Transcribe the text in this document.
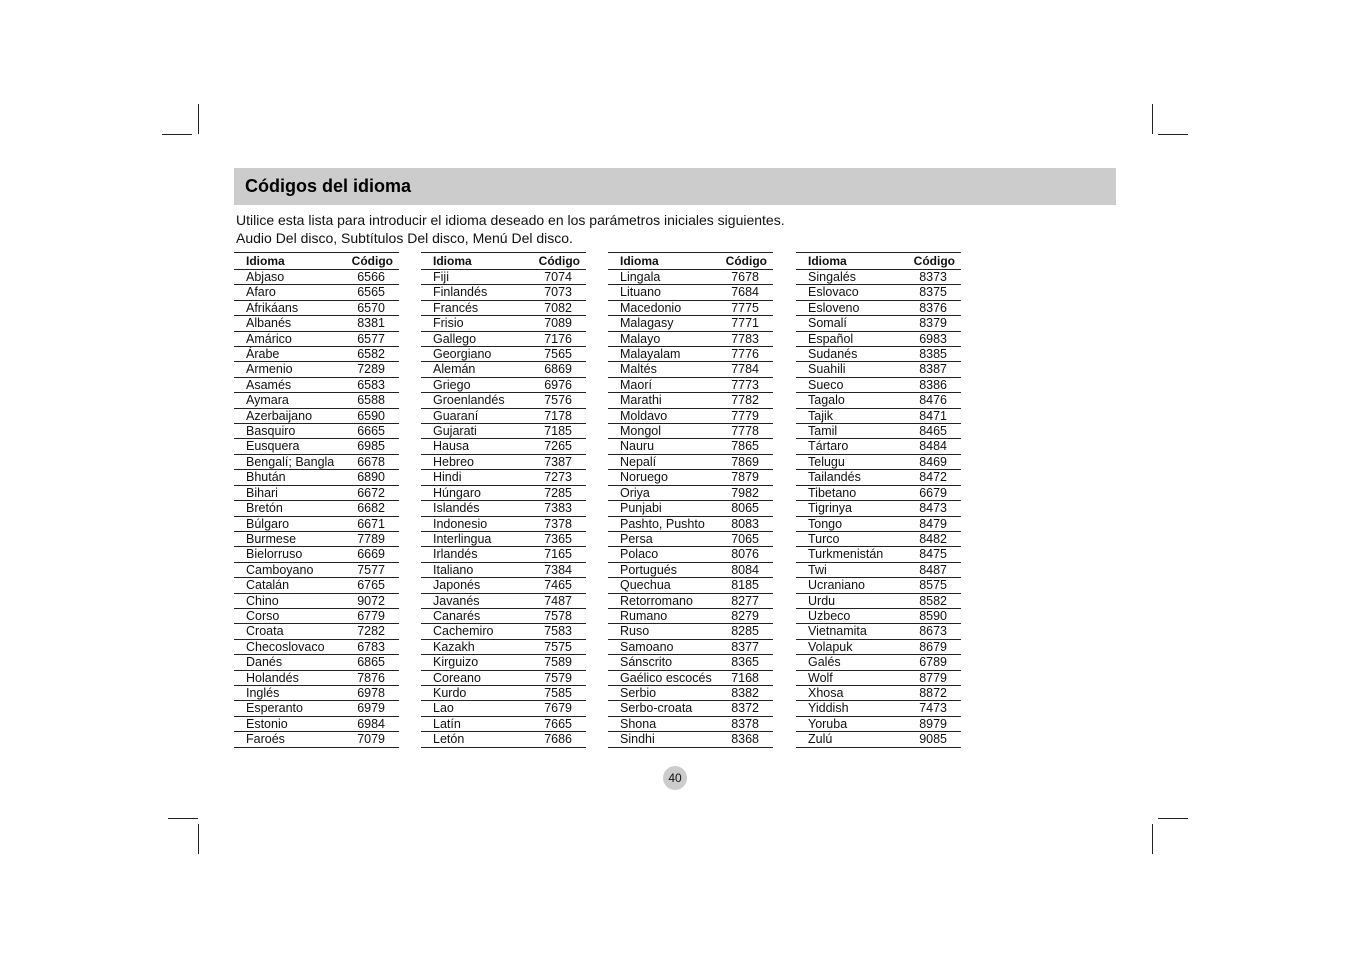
Códigos del idioma

Utilice esta lista para introducir el idioma deseado en los parámetros iniciales siguientes.

Audio Del disco, Subtítulos Del disco, Menú Del disco.

Idioma	Código
Abjaso	6566
Afaro	6565
Afrikáans	6570
Albanés	8381
Amárico	6577
Árabe	6582
Armenio	7289
Asamés	6583
Aymara	6588
Azerbaijano	6590
Basquiro	6665
Eusquera	6985
Bengalí; Bangla	6678
Bhután	6890
Bihari	6672
Bretón	6682
Búlgaro	6671
Burmese	7789
Bielorruso	6669
Camboyano	7577
Catalán	6765
Chino	9072
Corso	6779
Croata	7282
Checoslovaco	6783
Danés	6865
Holandés	7876
Inglés	6978
Esperanto	6979
Estonio	6984
Faroés	7079
Idioma	Código
Fiji	7074
Finlandés	7073
Francés	7082
Frisio	7089
Gallego	7176
Georgiano	7565
Alemán	6869
Griego	6976
Groenlandés	7576
Guaraní	7178
Gujarati	7185
Hausa	7265
Hebreo	7387
Hindi	7273
Húngaro	7285
Islandés	7383
Indonesio	7378
Interlingua	7365
Irlandés	7165
Italiano	7384
Japonés	7465
Javanés	7487
Canarés	7578
Cachemiro	7583
Kazakh	7575
Kirguizo	7589
Coreano	7579
Kurdo	7585
Lao	7679
Latín	7665
Letón	7686
Idioma	Código
Lingala	7678
Lituano	7684
Macedonio	7775
Malagasy	7771
Malayo	7783
Malayalam	7776
Maltés	7784
Maorí	7773
Marathi	7782
Moldavo	7779
Mongol	7778
Nauru	7865
Nepalí	7869
Noruego	7879
Oriya	7982
Punjabi	8065
Pashto, Pushto	8083
Persa	7065
Polaco	8076
Portugués	8084
Quechua	8185
Retorromano	8277
Rumano	8279
Ruso	8285
Samoano	8377
Sánscrito	8365
Gaélico escocés	7168
Serbio	8382
Serbo-croata	8372
Shona	8378
Sindhi	8368
Idioma	Código
Singalés	8373
Eslovaco	8375
Esloveno	8376
Somalí	8379
Español	6983
Sudanés	8385
Suahili	8387
Sueco	8386
Tagalo	8476
Tajik	8471
Tamil	8465
Tártaro	8484
Telugu	8469
Tailandés	8472
Tibetano	6679
Tigrinya	8473
Tongo	8479
Turco	8482
Turkmenistán	8475
Twi	8487
Ucraniano	8575
Urdu	8582
Uzbeco	8590
Vietnamita	8673
Volapuk	8679
Galés	6789
Wolf	8779
Xhosa	8872
Yiddish	7473
Yoruba	8979
Zulú	9085
40
